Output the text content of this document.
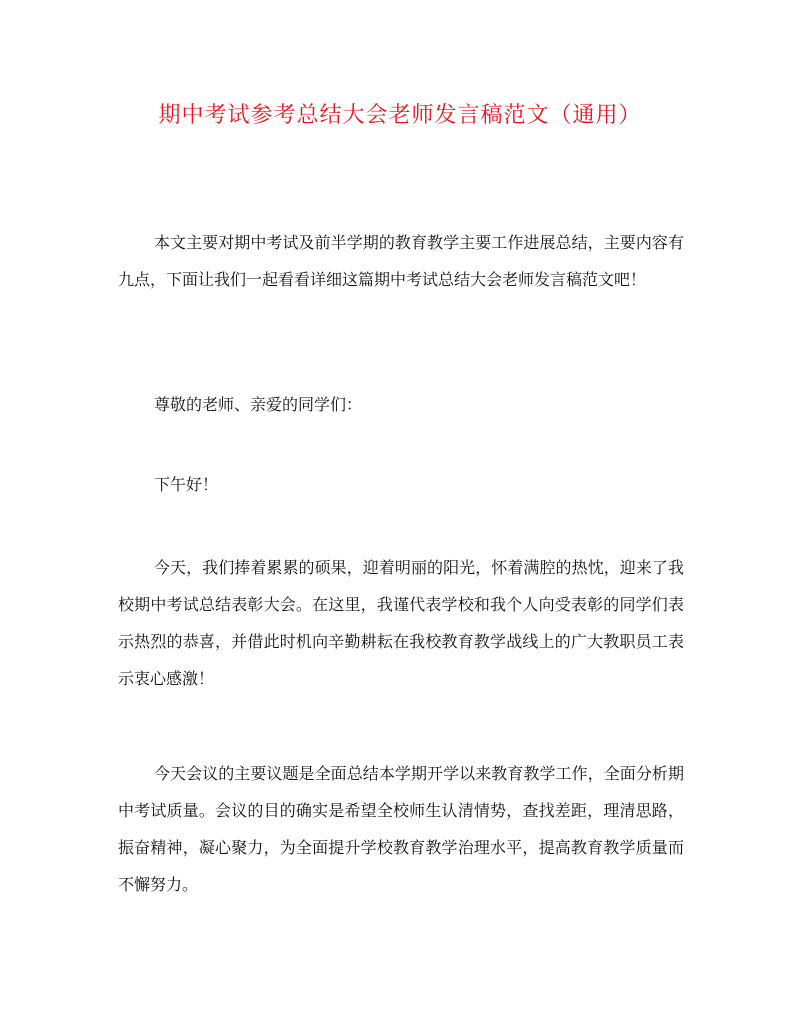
期中考试参考总结大会老师发言稿范文（通用）

本文主要对期中考试及前半学期的教育教学主要工作进展总结，主要内容有九点，下面让我们一起看看详细这篇期中考试总结大会老师发言稿范文吧！

尊敬的老师、亲爱的同学们：

下午好！

今天，我们捧着累累的硕果，迎着明丽的阳光，怀着满腔的热忱，迎来了我校期中考试总结表彰大会。在这里，我谨代表学校和我个人向受表彰的同学们表示热烈的恭喜，并借此时机向辛勤耕耘在我校教育教学战线上的广大教职员工表示衷心感激！

今天会议的主要议题是全面总结本学期开学以来教育教学工作，全面分析期中考试质量。会议的目的确实是希望全校师生认清情势，查找差距，理清思路，振奋精神，凝心聚力，为全面提升学校教育教学治理水平，提高教育教学质量而不懈努力。
